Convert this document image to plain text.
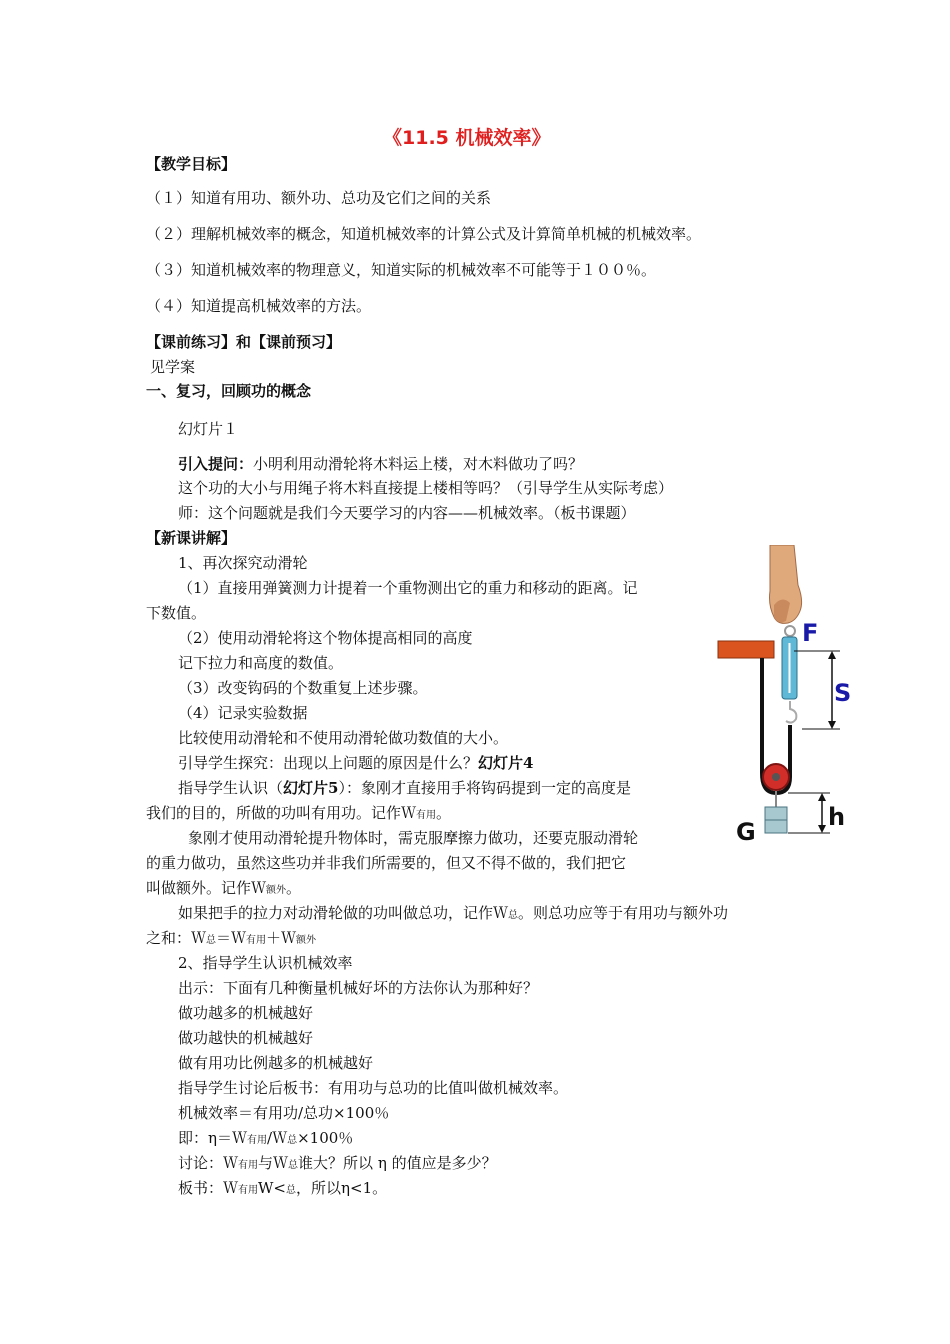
《11.5 机械效率》
【教学目标】
（１）知道有用功、额外功、总功及它们之间的关系
（２）理解机械效率的概念，知道机械效率的计算公式及计算简单机械的机械效率。
（３）知道机械效率的物理意义，知道实际的机械效率不可能等于１００％。
（４）知道提高机械效率的方法。
【课前练习】和【课前预习】
见学案
一、复习，回顾功的概念
幻灯片１
引入提问：小明利用动滑轮将木料运上楼，对木料做功了吗？
这个功的大小与用绳子将木料直接提上楼相等吗？（引导学生从实际考虑）
师：这个问题就是我们今天要学习的内容——机械效率。（板书课题）
【新课讲解】
1、再次探究动滑轮
（1）直接用弹簧测力计提着一个重物测出它的重力和移动的距离。记
下数值。
（2）使用动滑轮将这个物体提高相同的高度
记下拉力和高度的数值。
（3）改变钩码的个数重复上述步骤。
（4）记录实验数据
比较使用动滑轮和不使用动滑轮做功数值的大小。
引导学生探究：出现以上问题的原因是什么？幻灯片4
指导学生认识（幻灯片5）：象刚才直接用手将钩码提到一定的高度是
我们的目的，所做的功叫有用功。记作Ｗ有用。
象刚才使用动滑轮提升物体时，需克服摩擦力做功，还要克服动滑轮
的重力做功，虽然这些功并非我们所需要的，但又不得不做的，我们把它
叫做额外。记作Ｗ额外。
如果把手的拉力对动滑轮做的功叫做总功，记作Ｗ总。则总功应等于有用功与额外功
之和：Ｗ总＝Ｗ有用＋Ｗ额外
2、指导学生认识机械效率
出示：下面有几种衡量机械好坏的方法你认为那种好？
做功越多的机械越好
做功越快的机械越好
做有用功比例越多的机械越好
指导学生讨论后板书：有用功与总功的比值叫做机械效率。
机械效率＝有用功/总功×100％
即：η＝Ｗ有用/Ｗ总×100％
讨论：Ｗ有用与Ｗ总谁大？所以 η 的值应是多少？
板书：Ｗ有用W<总，所以η<1。
F
S
h
G
